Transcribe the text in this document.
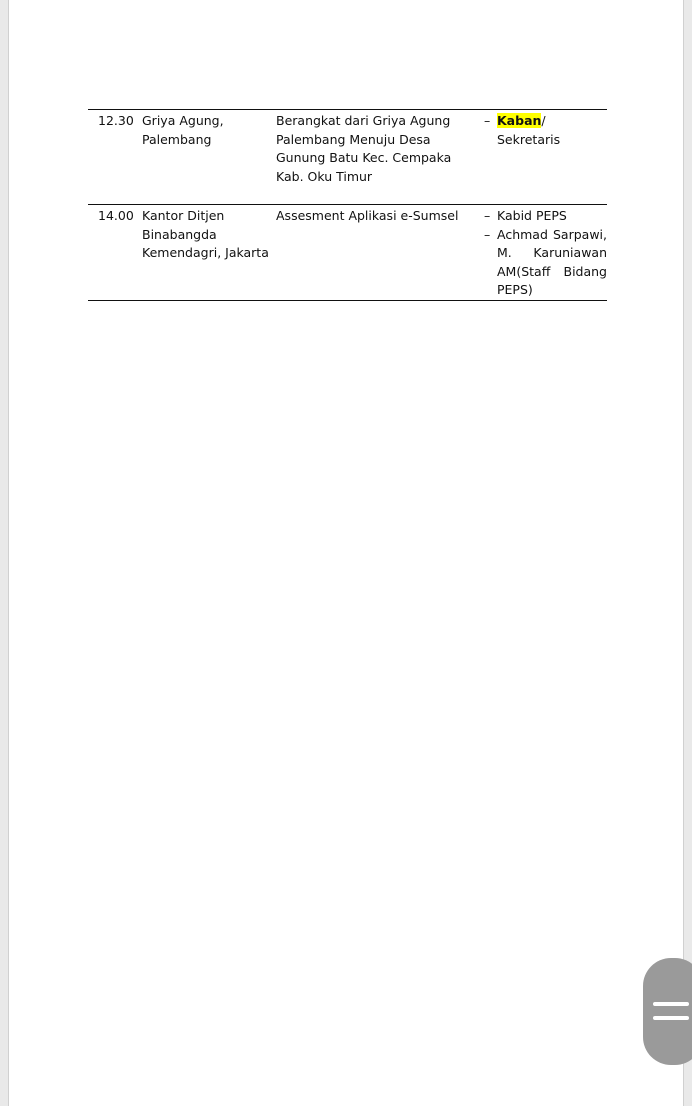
12.30	Griya Agung, Palembang	Berangkat dari Griya Agung Palembang Menuju Desa Gunung Batu Kec. Cempaka Kab. Oku Timur	– Kaban/ Sekretaris

14.00	Kantor Ditjen Binabangda Kemendagri, Jakarta	Assesment Aplikasi e-Sumsel	– Kabid PEPS
– Achmad Sarpawi, M. Karuniawan AM(Staff Bidang PEPS)
